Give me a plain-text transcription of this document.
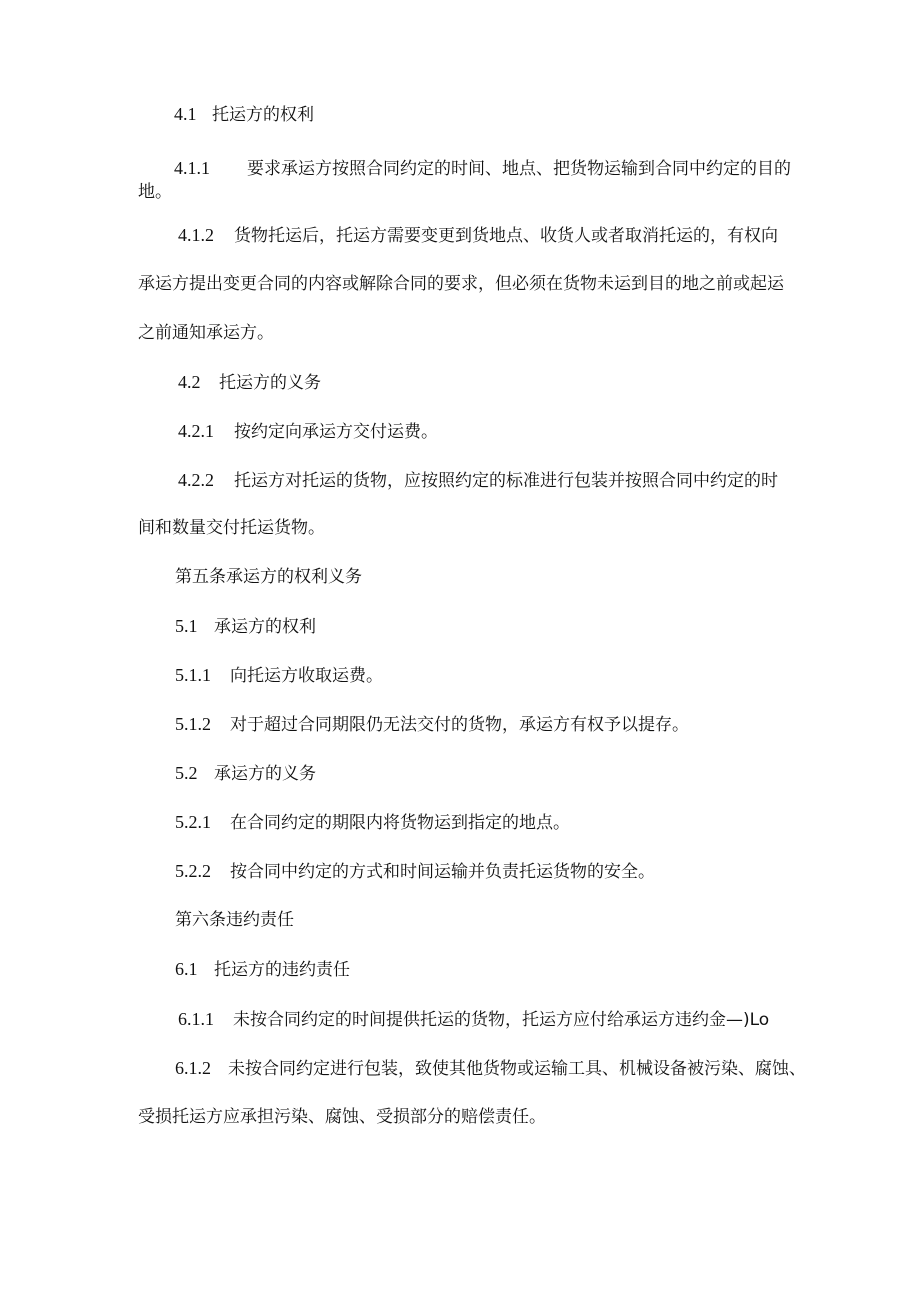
4.1 托运方的权利
4.1.1 要求承运方按照合同约定的时间、地点、把货物运输到合同中约定的目的
地。
4.1.2 货物托运后，托运方需要变更到货地点、收货人或者取消托运的，有权向
承运方提出变更合同的内容或解除合同的要求，但必须在货物未运到目的地之前或起运
之前通知承运方。
4.2 托运方的义务
4.2.1 按约定向承运方交付运费。
4.2.2 托运方对托运的货物，应按照约定的标准进行包装并按照合同中约定的时
间和数量交付托运货物。
第五条承运方的权利义务
5.1 承运方的权利
5.1.1 向托运方收取运费。
5.1.2 对于超过合同期限仍无法交付的货物，承运方有权予以提存。
5.2 承运方的义务
5.2.1 在合同约定的期限内将货物运到指定的地点。
5.2.2 按合同中约定的方式和时间运输并负责托运货物的安全。
第六条违约责任
6.1 托运方的违约责任
6.1.1 未按合同约定的时间提供托运的货物，托运方应付给承运方违约金—)Lo
6.1.2 未按合同约定进行包装，致使其他货物或运输工具、机械设备被污染、腐蚀、
受损托运方应承担污染、腐蚀、受损部分的赔偿责任。
